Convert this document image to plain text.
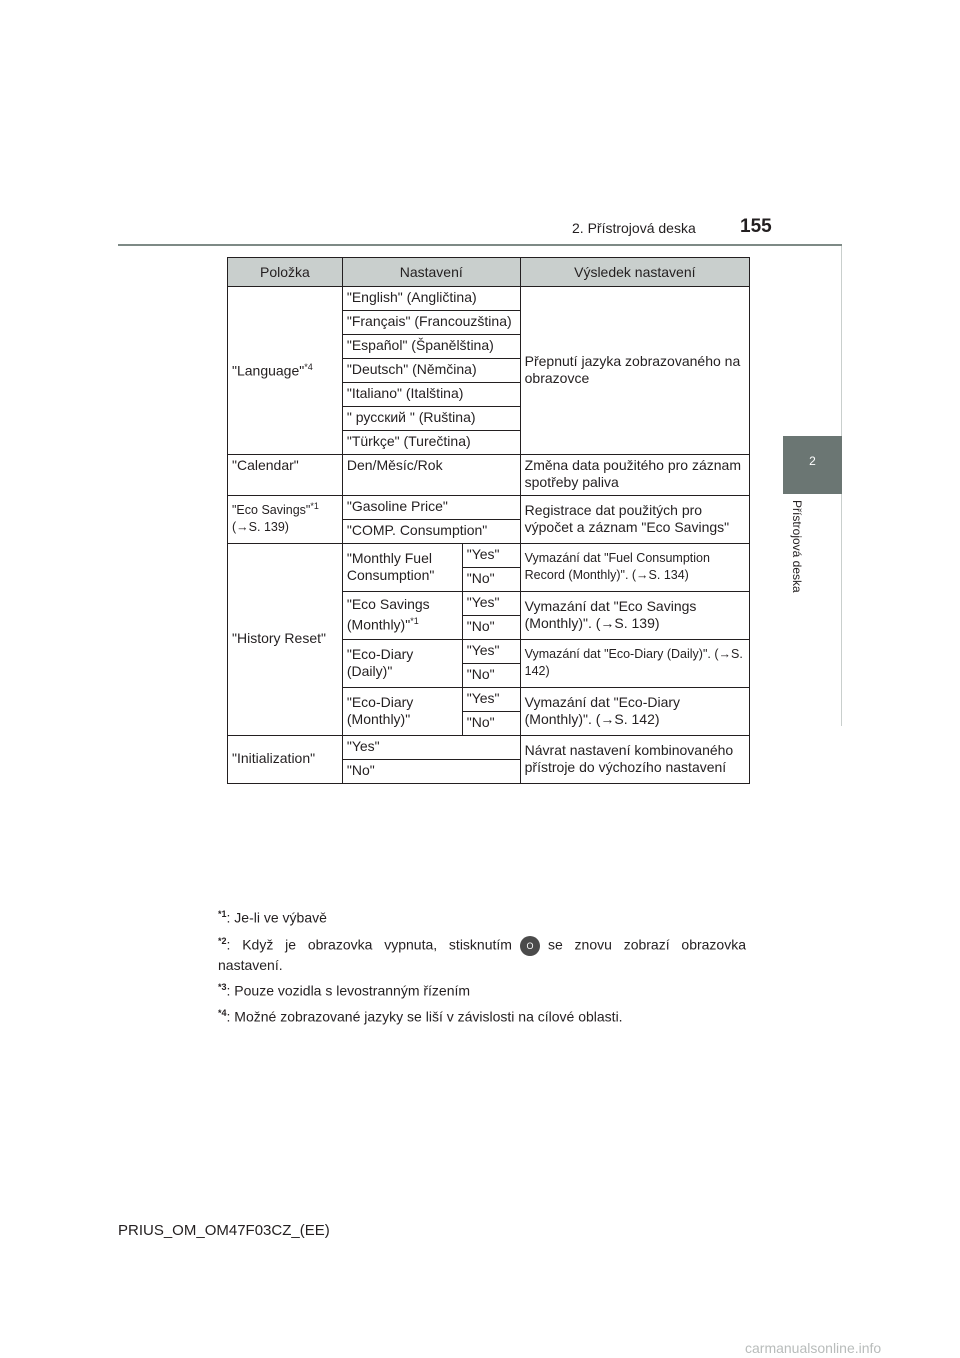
2. Přístrojová deska 155
2
Přístrojová deska
Položka	Nastavení		Výsledek nastavení
"Language"$^{*4}$	"English" (Angličtina)		Přepnutí jazyka zobrazovaného na obrazovce
	"Français" (Francouzština)		
	"Español" (Španělština)		
	"Deutsch" (Němčina)		
	"Italiano" (Italština)		
	" русский " (Ruština)		
	"Türkçe" (Turečtina)		
"Calendar"	Den/Měsíc/Rok		Změna data použitého pro záznam spotřeby paliva
"Eco Savings"$^{*1}$
(→S. 139)	"Gasoline Price"		Registrace dat použitých pro výpočet a záznam "Eco Savings"
	"COMP. Consumption"		
"History Reset"	"Monthly Fuel Consumption"	"Yes"	Vymazání dat "Fuel Consumption Record (Monthly)". (→S. 134)
		"No"	
	"Eco Savings (Monthly)"$^{*1}$	"Yes"	Vymazání dat "Eco Savings (Monthly)". (→S. 139)
		"No"	
	"Eco-Diary (Daily)"	"Yes"	Vymazání dat "Eco-Diary (Daily)". (→S. 142)
		"No"	
	"Eco-Diary (Monthly)"	"Yes"	Vymazání dat "Eco-Diary (Monthly)". (→S. 142)
		"No"	
"Initialization"	"Yes"		Návrat nastavení kombinovaného přístroje do výchozího nastavení
	"No"		
$^{*1}$: Je-li ve výbavě
$^{*2}$: Když je obrazovka vypnuta, stisknutím O se znovu zobrazí obrazovka nastavení.
$^{*3}$: Pouze vozidla s levostranným řízením
$^{*4}$: Možné zobrazované jazyky se liší v závislosti na cílové oblasti.
PRIUS_OM_OM47F03CZ_(EE)
carmanualsonline.info
